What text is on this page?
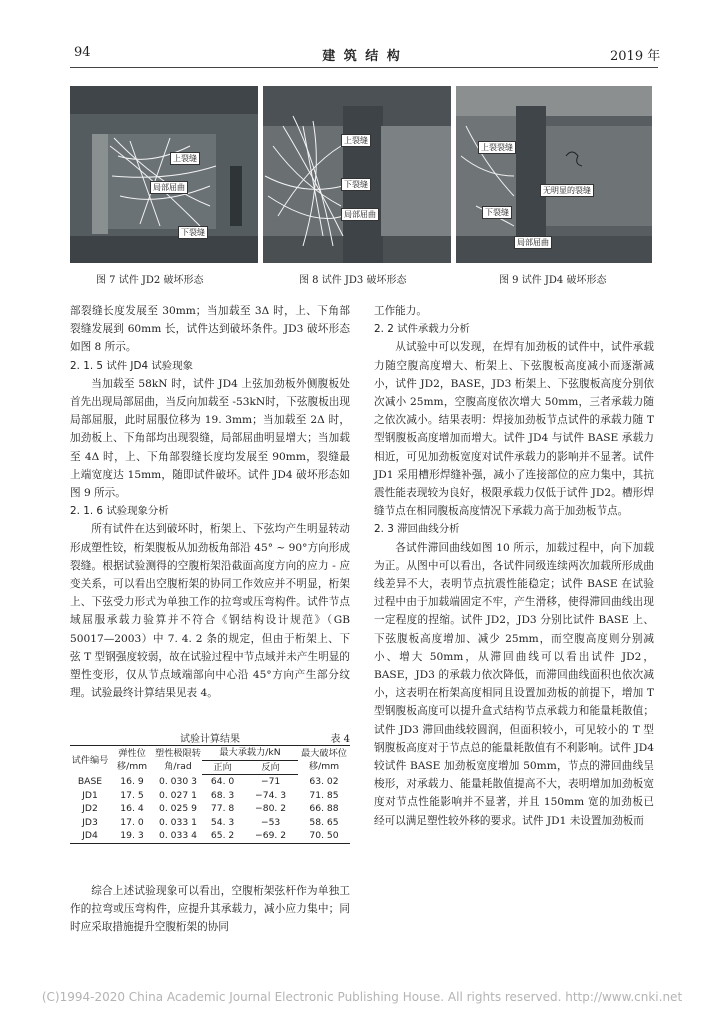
94	建 筑 结 构	2019 年
上裂缝
局部屈曲
下裂缝
上裂缝
下裂缝
局部屈曲
上裂裂缝
无明显的裂缝
下裂缝
局部屈曲
图 7 试件 JD2 破坏形态	图 8 试件 JD3 破坏形态	图 9 试件 JD4 破坏形态

部裂缝长度发展至 30mm；当加载至 3Δ 时，上、下角部裂缝发展到 60mm 长，试件达到破坏条件。JD3 破坏形态如图 8 所示。

2. 1. 5 试件 JD4 试验现象

当加载至 58kN 时，试件 JD4 上弦加劲板外侧腹板处首先出现局部屈曲，当反向加载至 -53kN时，下弦腹板出现局部屈服，此时屈服位移为 19. 3mm；当加载至 2Δ 时，加劲板上、下角部均出现裂缝，局部屈曲明显增大；当加载至 4Δ 时，上、下角部裂缝长度均发展至 90mm，裂缝最上端宽度达 15mm，随即试件破坏。试件 JD4 破坏形态如图 9 所示。

2. 1. 6 试验现象分析

所有试件在达到破坏时，桁架上、下弦均产生明显转动形成塑性铰，桁架腹板从加劲板角部沿 45° ~ 90°方向形成裂缝。根据试验测得的空腹桁架沿截面高度方向的应力 - 应变关系，可以看出空腹桁架的协同工作效应并不明显，桁架上、下弦受力形式为单独工作的拉弯或压弯构件。试件节点域屈服承载力验算并不符合《钢结构设计规范》（GB 50017—2003）中 7. 4. 2 条的规定，但由于桁架上、下弦 T 型钢强度较弱，故在试验过程中节点域并未产生明显的塑性变形，仅从节点域端部向中心沿 45°方向产生部分纹理。试验最终计算结果见表 4。

试验计算结果	表 4
试件编号	弹性位移/mm	塑性极限转角/rad	最大承载力/kN		最大破坏位移/mm
			正向	反向	
BASE	16. 9	0. 030 3	64. 0	−71	63. 02
JD1	17. 5	0. 027 1	68. 3	−74. 3	71. 85
JD2	16. 4	0. 025 9	77. 8	−80. 2	66. 88
JD3	17. 0	0. 033 1	54. 3	−53	58. 65
JD4	19. 3	0. 033 4	65. 2	−69. 2	70. 50

综合上述试验现象可以看出，空腹桁架弦杆作为单独工作的拉弯或压弯构件，应提升其承载力，减小应力集中；同时应采取措施提升空腹桁架的协同

工作能力。

2. 2 试件承载力分析

从试验中可以发现，在焊有加劲板的试件中，试件承载力随空腹高度增大、桁架上、下弦腹板高度减小而逐渐减小，试件 JD2，BASE，JD3 桁架上、下弦腹板高度分别依次减小 25mm，空腹高度依次增大 50mm，三者承载力随之依次减小。结果表明：焊接加劲板节点试件的承载力随 T 型钢腹板高度增加而增大。试件 JD4 与试件 BASE 承载力相近，可见加劲板宽度对试件承载力的影响并不显著。试件 JD1 采用槽形焊缝补强，减小了连接部位的应力集中，其抗震性能表现较为良好，极限承载力仅低于试件 JD2。槽形焊缝节点在相同腹板高度情况下承载力高于加劲板节点。

2. 3 滞回曲线分析

各试件滞回曲线如图 10 所示，加载过程中，向下加载为正。从图中可以看出，各试件同级连续两次加载所形成曲线差异不大，表明节点抗震性能稳定；试件 BASE 在试验过程中由于加载端固定不牢，产生滑移，使得滞回曲线出现一定程度的捏缩。试件 JD2，JD3 分别比试件 BASE 上、下弦腹板高度增加、减少 25mm，而空腹高度则分别减小、增大 50mm，从滞回曲线可以看出试件 JD2，BASE，JD3 的承载力依次降低，而滞回曲线面积也依次减小，这表明在桁架高度相同且设置加劲板的前提下，增加 T 型钢腹板高度可以提升盒式结构节点承载力和能量耗散值；试件 JD3 滞回曲线较圆润，但面积较小，可见较小的 T 型钢腹板高度对于节点总的能量耗散值有不利影响。试件 JD4 较试件 BASE 加劲板宽度增加 50mm，节点的滞回曲线呈梭形，对承载力、能量耗散值提高不大，表明增加加劲板宽度对节点性能影响并不显著，并且 150mm 宽的加劲板已经可以满足塑性较外移的要求。试件 JD1 未设置加劲板而

(C)1994-2020 China Academic Journal Electronic Publishing House. All rights reserved. http://www.cnki.net
